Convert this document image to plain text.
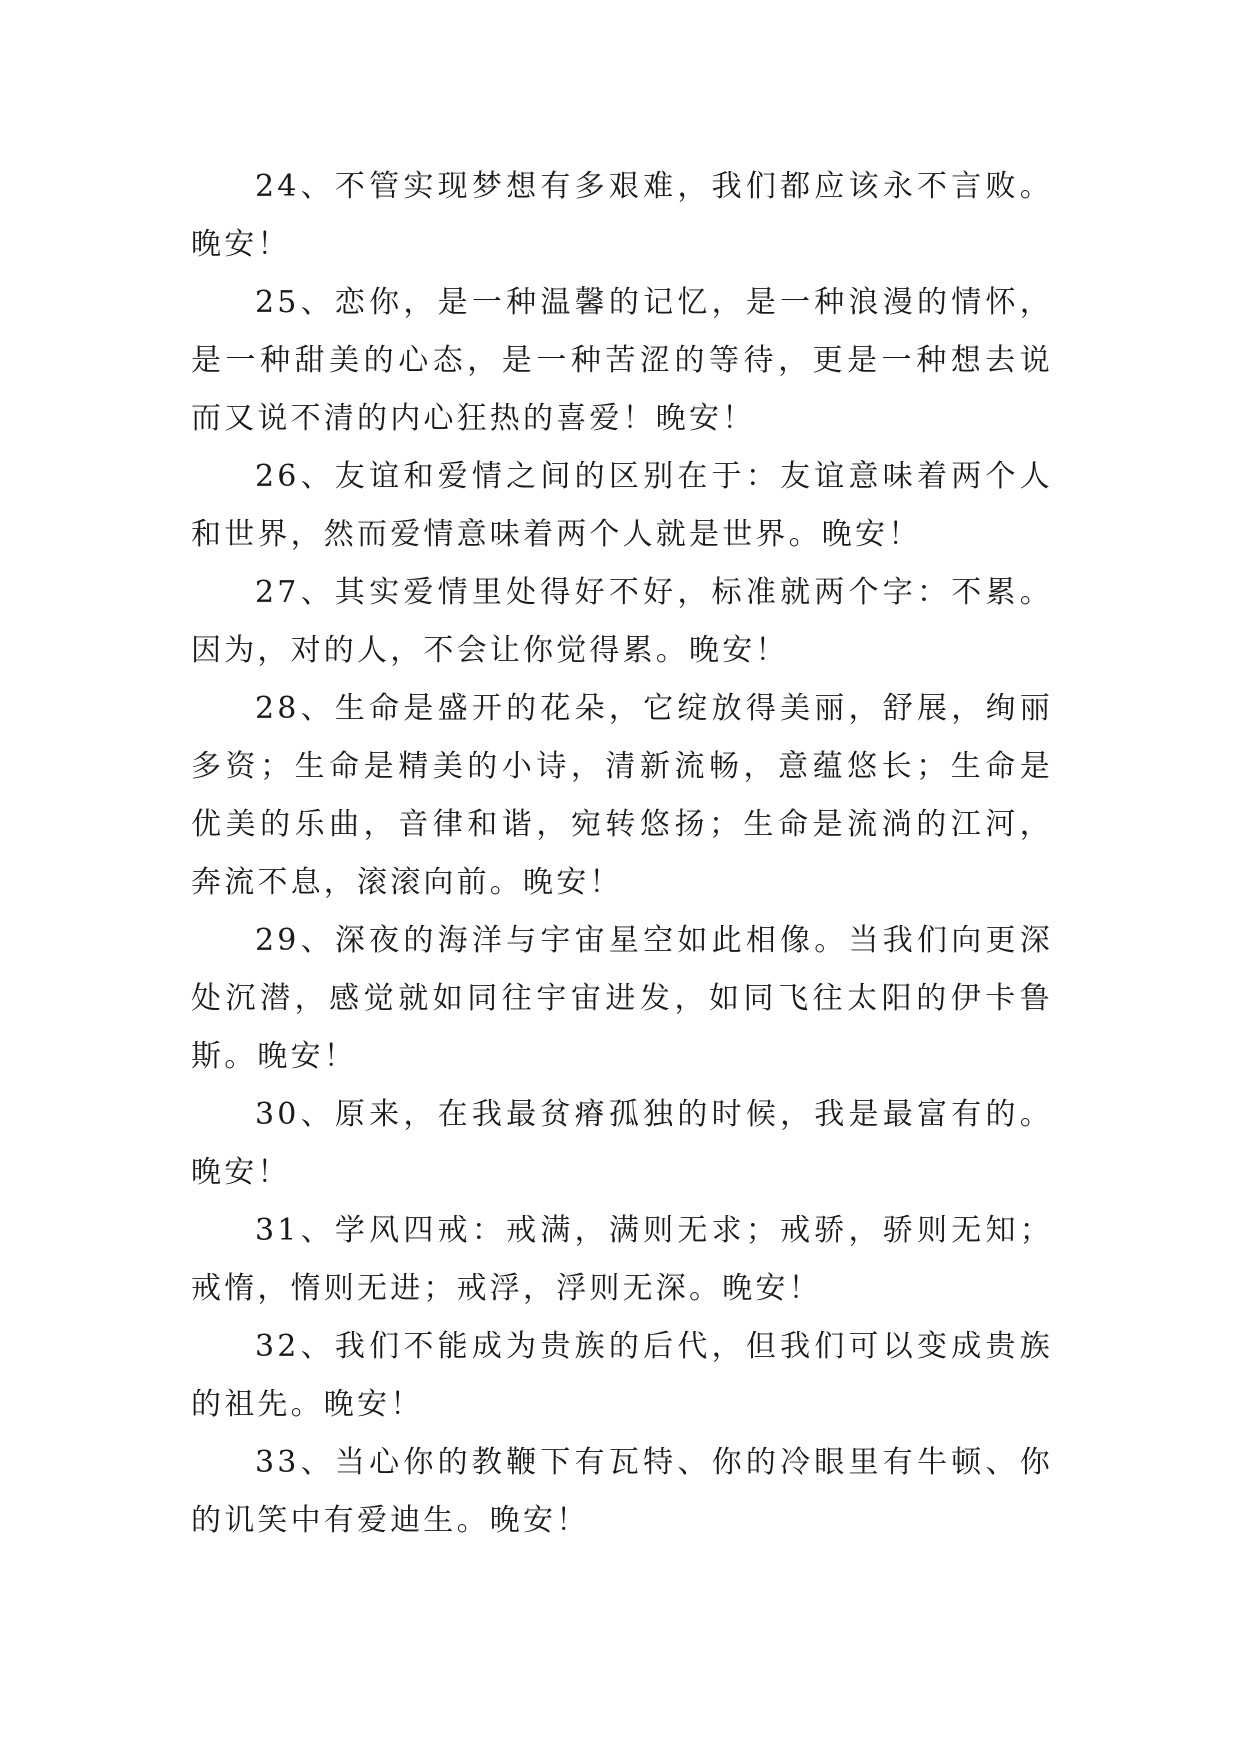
24、不管实现梦想有多艰难，我们都应该永不言败。晚安！

25、恋你，是一种温馨的记忆，是一种浪漫的情怀，是一种甜美的心态，是一种苦涩的等待，更是一种想去说而又说不清的内心狂热的喜爱！晚安！

26、友谊和爱情之间的区别在于：友谊意味着两个人和世界，然而爱情意味着两个人就是世界。晚安！

27、其实爱情里处得好不好，标准就两个字：不累。因为，对的人，不会让你觉得累。晚安！

28、生命是盛开的花朵，它绽放得美丽，舒展，绚丽多资；生命是精美的小诗，清新流畅，意蕴悠长；生命是优美的乐曲，音律和谐，宛转悠扬；生命是流淌的江河，奔流不息，滚滚向前。晚安！

29、深夜的海洋与宇宙星空如此相像。当我们向更深处沉潜，感觉就如同往宇宙进发，如同飞往太阳的伊卡鲁斯。晚安！

30、原来，在我最贫瘠孤独的时候，我是最富有的。晚安！

31、学风四戒：戒满，满则无求；戒骄，骄则无知；戒惰，惰则无进；戒浮，浮则无深。晚安！

32、我们不能成为贵族的后代，但我们可以变成贵族的祖先。晚安！

33、当心你的教鞭下有瓦特、你的冷眼里有牛顿、你的讥笑中有爱迪生。晚安！
